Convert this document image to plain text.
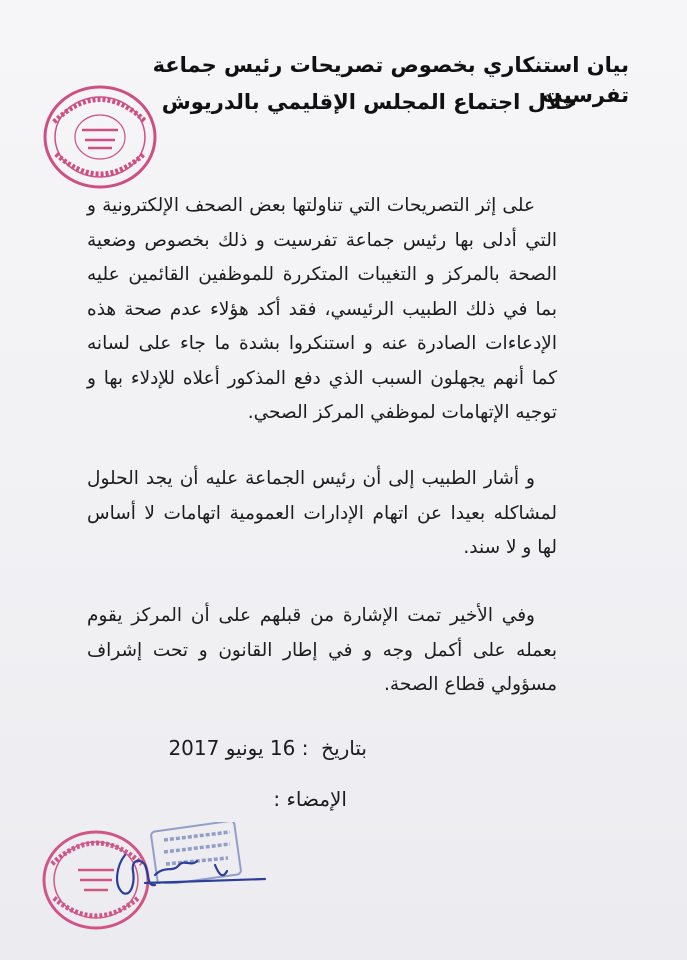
بيان استنكاري بخصوص تصريحات رئيس جماعة تفرسيت
خلال اجتماع المجلس الإقليمي بالدريوش
على إثر التصريحات التي تناولتها بعض الصحف الإلكترونية و التي أدلى بها رئيس جماعة تفرسيت و ذلك بخصوص وضعية الصحة بالمركز و التغيبات المتكررة للموظفين القائمين عليه بما في ذلك الطبيب الرئيسي، فقد أكد هؤلاء عدم صحة هذه الإدعاءات الصادرة عنه و استنكروا بشدة ما جاء على لسانه كما أنهم يجهلون السبب الذي دفع المذكور أعلاه للإدلاء بها و توجيه الإتهامات لموظفي المركز الصحي.
و أشار الطبيب إلى أن رئيس الجماعة عليه أن يجد الحلول لمشاكله بعيدا عن اتهام الإدارات العمومية اتهامات لا أساس لها و لا سند.
وفي الأخير تمت الإشارة من قبلهم على أن المركز يقوم بعمله على أكمل وجه و في إطار القانون و تحت إشراف مسؤولي قطاع الصحة.
بتاريخ  : 16 يونيو 2017
الإمضاء :
